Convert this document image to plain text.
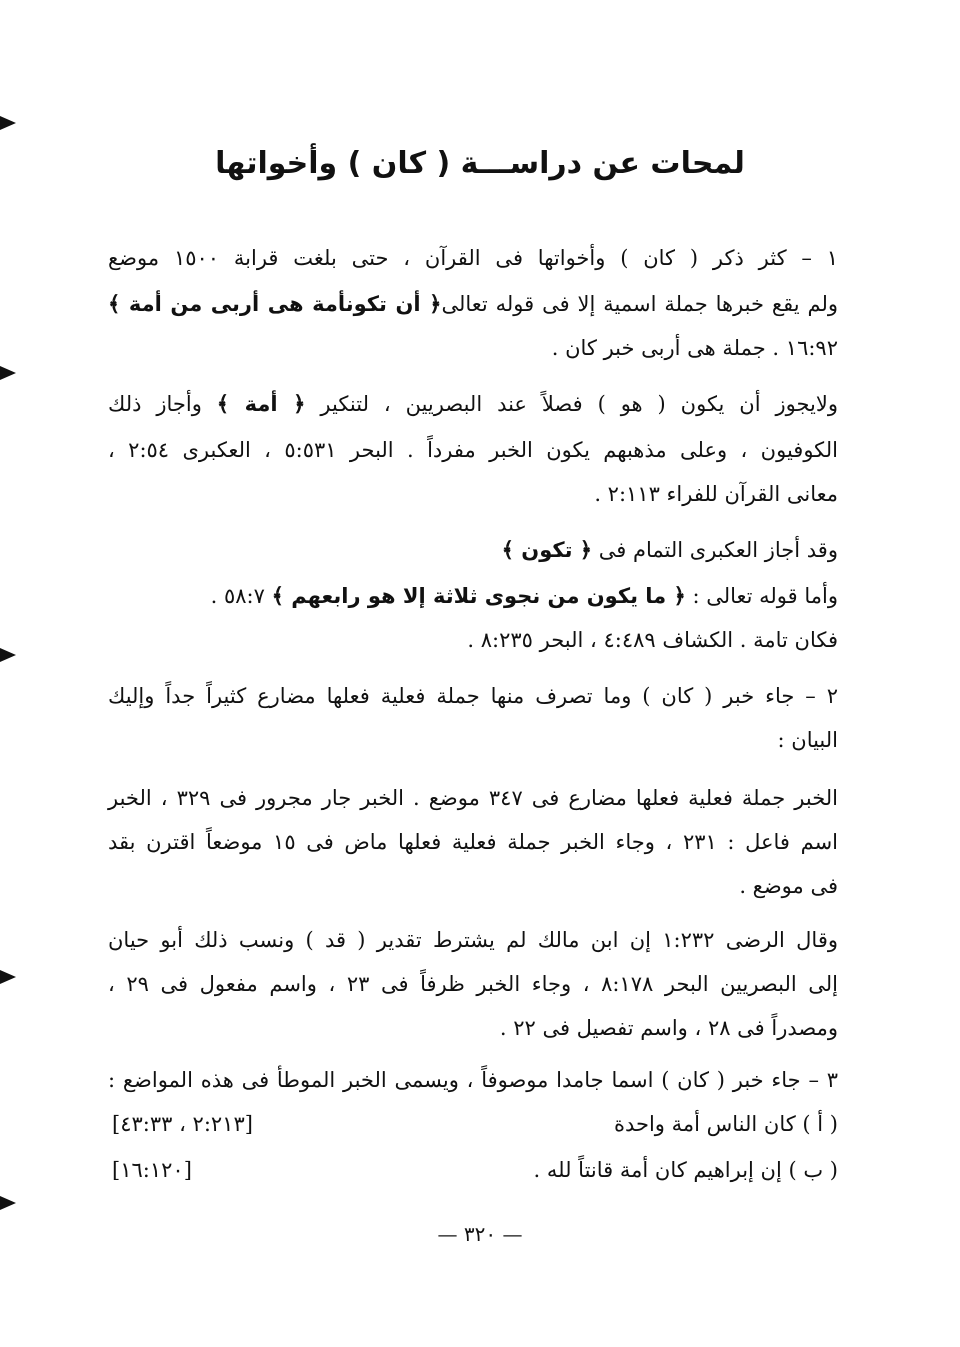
لمحات عن دراســـة ( كان ) وأخواتها
١ – كثر ذكر ( كان ) وأخواتها فى القرآن ، حتى بلغت قرابة ١٥٠٠ موضع
ولم يقع خبرها جملة اسمية إلا فى قوله تعالى﴿ أن تكونأمة هى أربى من أمة ﴾
١٦:٩٢ . جملة هى أربى خبر كان .
ولايجوز أن يكون ( هو ) فصلاً عند البصريين ، لتنكير ﴿ أمة ﴾ وأجاز ذلك
الكوفيون ، وعلى مذهبهم يكون الخبر مفرداً . البحر ٥:٥٣١ ، العكبرى ٢:٥٤ ،
معانى القرآن للفراء ٢:١١٣ .
وقد أجاز العكبرى التمام فى ﴿ تكون ﴾
وأما قوله تعالى : ﴿ ما يكون من نجوى ثلاثة إلا هو رابعهم ﴾ ٥٨:٧ .
فكان تامة . الكشاف ٤:٤٨٩ ، البحر ٨:٢٣٥ .
٢ – جاء خبر ( كان ) وما تصرف منها جملة فعلية فعلها مضارع كثيراً جداً وإليك
البيان :
الخبر جملة فعلية فعلها مضارع فى ٣٤٧ موضع . الخبر جار مجرور فى ٣٢٩ ، الخبر
اسم فاعل : ٢٣١ ، وجاء الخبر جملة فعلية فعلها ماض فى ١٥ موضعاً اقترن بقد
فى موضع .
وقال الرضى ١:٢٣٢ إن ابن مالك لم يشترط تقدير ( قد ) ونسب ذلك أبو حيان
إلى البصريين البحر ٨:١٧٨ ، وجاء الخبر ظرفاً فى ٢٣ ، واسم مفعول فى ٢٩ ،
ومصدراً فى ٢٨ ، واسم تفصيل فى ٢٢ .
٣ – جاء خبر ( كان ) اسما جامدا موصوفاً ، ويسمى الخبر الموطأ فى هذه المواضع :
( أ ) كان الناس أمة واحدة
[٢:٢١٣ ، ٤٣:٣٣]
( ب ) إن إبراهيم كان أمة قانتاً لله .
[١٦:١٢٠]
— ٣٢٠ —
